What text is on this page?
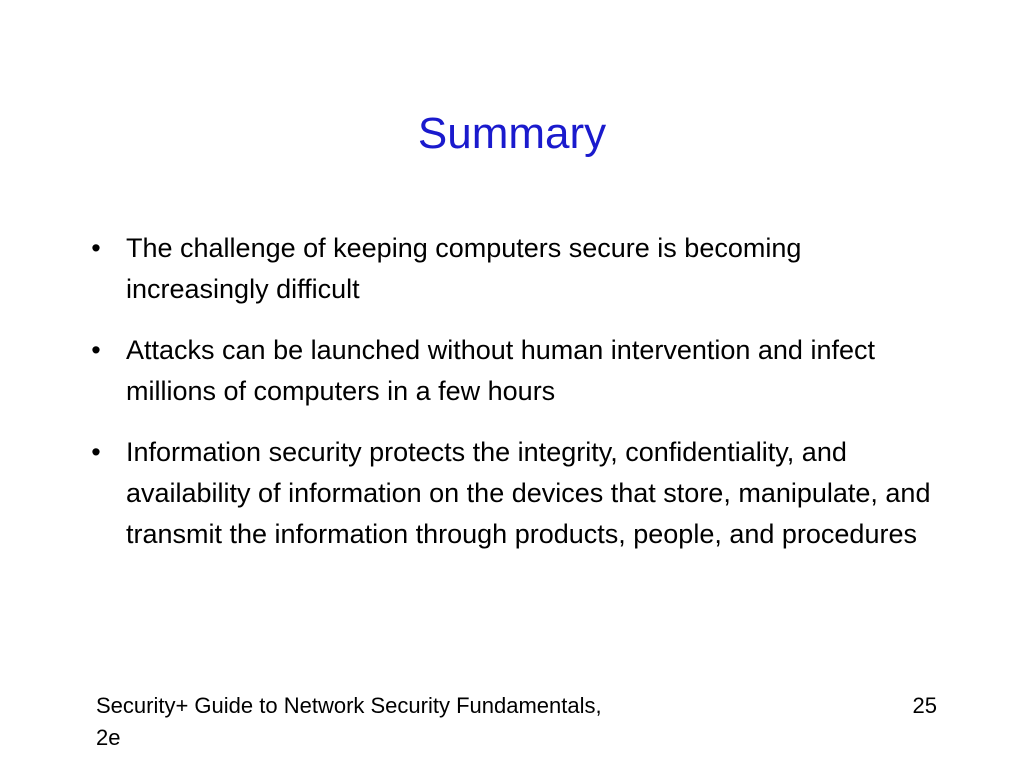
Summary
• The challenge of keeping computers secure is becoming increasingly difficult
• Attacks can be launched without human intervention and infect millions of computers in a few hours
• Information security protects the integrity, confidentiality, and availability of information on the devices that store, manipulate, and transmit the information through products, people, and procedures
Security+ Guide to Network Security Fundamentals, 2e
25
